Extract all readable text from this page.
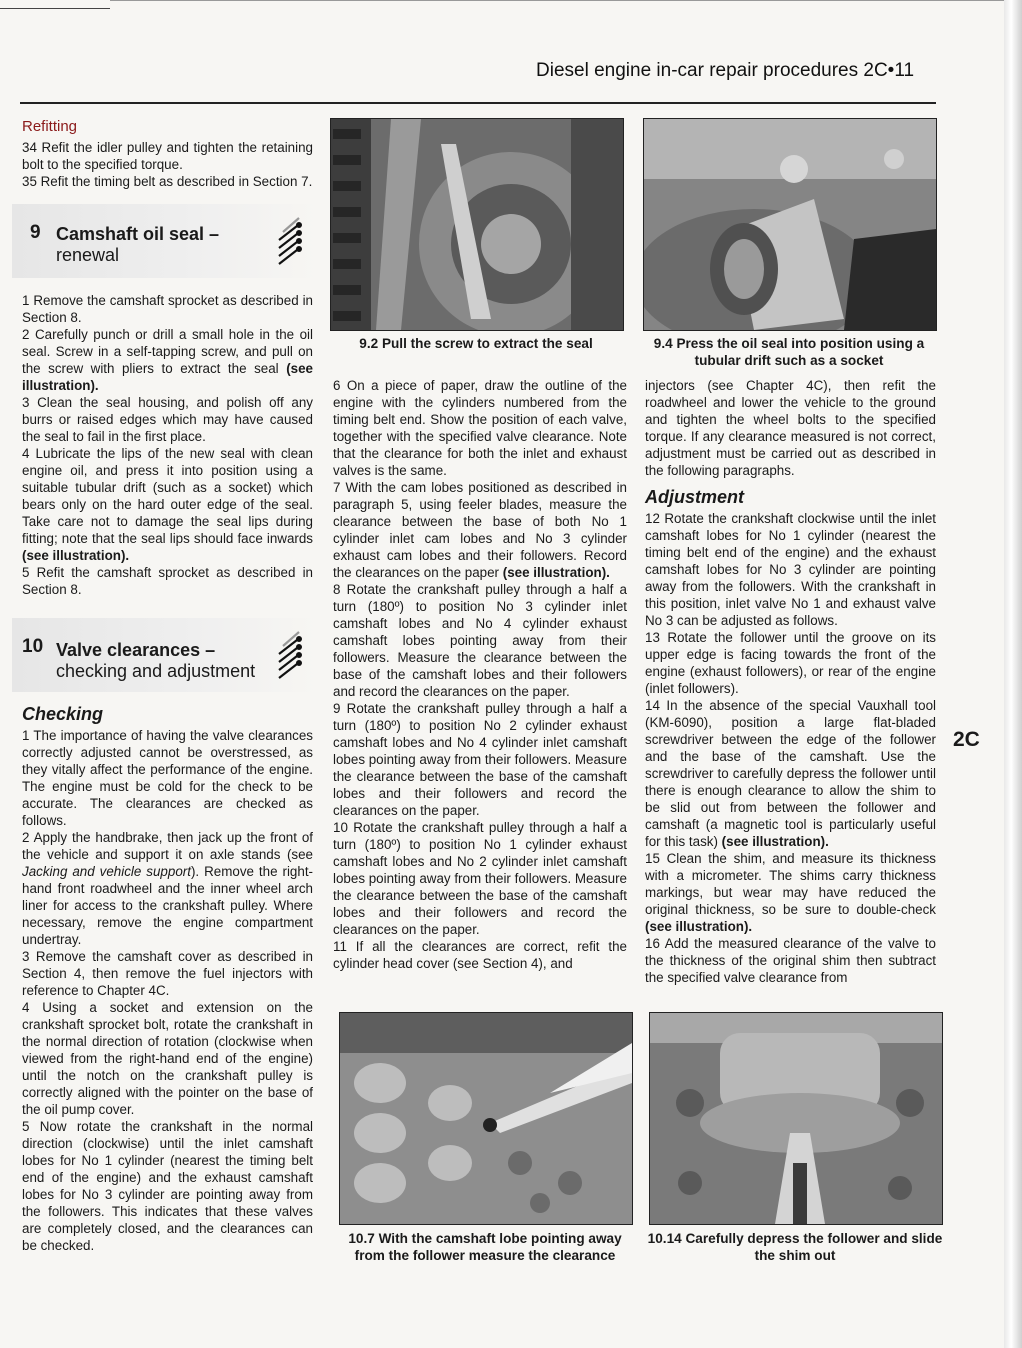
Diesel engine in-car repair procedures 2C•11
Refitting

34 Refit the idler pulley and tighten the retaining bolt to the specified torque.

35 Refit the timing belt as described in Section 7.

9 Camshaft oil seal –
renewal

1 Remove the camshaft sprocket as described in Section 8.

2 Carefully punch or drill a small hole in the oil seal. Screw in a self-tapping screw, and pull on the screw with pliers to extract the seal (see illustration).

3 Clean the seal housing, and polish off any burrs or raised edges which may have caused the seal to fail in the first place.

4 Lubricate the lips of the new seal with clean engine oil, and press it into position using a suitable tubular drift (such as a socket) which bears only on the hard outer edge of the seal. Take care not to damage the seal lips during fitting; note that the seal lips should face inwards (see illustration).

5 Refit the camshaft sprocket as described in Section 8.

10 Valve clearances –
checking and adjustment
Checking

1 The importance of having the valve clearances correctly adjusted cannot be overstressed, as they vitally affect the performance of the engine. The engine must be cold for the check to be accurate. The clearances are checked as follows.

2 Apply the handbrake, then jack up the front of the vehicle and support it on axle stands (see Jacking and vehicle support). Remove the right-hand front roadwheel and the inner wheel arch liner for access to the crankshaft pulley. Where necessary, remove the engine compartment undertray.

3 Remove the camshaft cover as described in Section 4, then remove the fuel injectors with reference to Chapter 4C.

4 Using a socket and extension on the crankshaft sprocket bolt, rotate the crankshaft in the normal direction of rotation (clockwise when viewed from the right-hand end of the engine) until the notch on the crankshaft pulley is correctly aligned with the pointer on the base of the oil pump cover.

5 Now rotate the crankshaft in the normal direction (clockwise) until the inlet camshaft lobes for No 1 cylinder (nearest the timing belt end of the engine) and the exhaust camshaft lobes for No 3 cylinder are pointing away from the followers. This indicates that these valves are completely closed, and the clearances can be checked.

9.2 Pull the screw to extract the seal	9.4 Press the oil seal into position using a tubular drift such as a socket

6 On a piece of paper, draw the outline of the engine with the cylinders numbered from the timing belt end. Show the position of each valve, together with the specified valve clearance. Note that the clearance for both the inlet and exhaust valves is the same.

7 With the cam lobes positioned as described in paragraph 5, using feeler blades, measure the clearance between the base of both No 1 cylinder inlet cam lobes and No 3 cylinder exhaust cam lobes and their followers. Record the clearances on the paper (see illustration).

8 Rotate the crankshaft pulley through a half a turn (180º) to position No 3 cylinder inlet camshaft lobes and No 4 cylinder exhaust camshaft lobes pointing away from their followers. Measure the clearance between the base of the camshaft lobes and their followers and record the clearances on the paper.

9 Rotate the crankshaft pulley through a half a turn (180º) to position No 2 cylinder exhaust camshaft lobes and No 4 cylinder inlet camshaft lobes pointing away from their followers. Measure the clearance between the base of the camshaft lobes and their followers and record the clearances on the paper.

10 Rotate the crankshaft pulley through a half a turn (180º) to position No 1 cylinder exhaust camshaft lobes and No 2 cylinder inlet camshaft lobes pointing away from their followers. Measure the clearance between the base of the camshaft lobes and their followers and record the clearances on the paper.

11 If all the clearances are correct, refit the cylinder head cover (see Section 4), and

injectors (see Chapter 4C), then refit the roadwheel and lower the vehicle to the ground and tighten the wheel bolts to the specified torque. If any clearance measured is not correct, adjustment must be carried out as described in the following paragraphs.

Adjustment

12 Rotate the crankshaft clockwise until the inlet camshaft lobes for No 1 cylinder (nearest the timing belt end of the engine) and the exhaust camshaft lobes for No 3 cylinder are pointing away from the followers. With the crankshaft in this position, inlet valve No 1 and exhaust valve No 3 can be adjusted as follows.

13 Rotate the follower until the groove on its upper edge is facing towards the front of the engine (exhaust followers), or rear of the engine (inlet followers).

14 In the absence of the special Vauxhall tool (KM-6090), position a large flat-bladed screwdriver between the edge of the follower and the base of the camshaft. Use the screwdriver to carefully depress the follower until there is enough clearance to allow the shim to be slid out from between the follower and camshaft (a magnetic tool is particularly useful for this task) (see illustration).

15 Clean the shim, and measure its thickness with a micrometer. The shims carry thickness markings, but wear may have reduced the original thickness, so be sure to double-check (see illustration).

16 Add the measured clearance of the valve to the thickness of the original shim then subtract the specified valve clearance from

2C
10.7 With the camshaft lobe pointing away from the follower measure the clearance
10.14 Carefully depress the follower and slide the shim out
